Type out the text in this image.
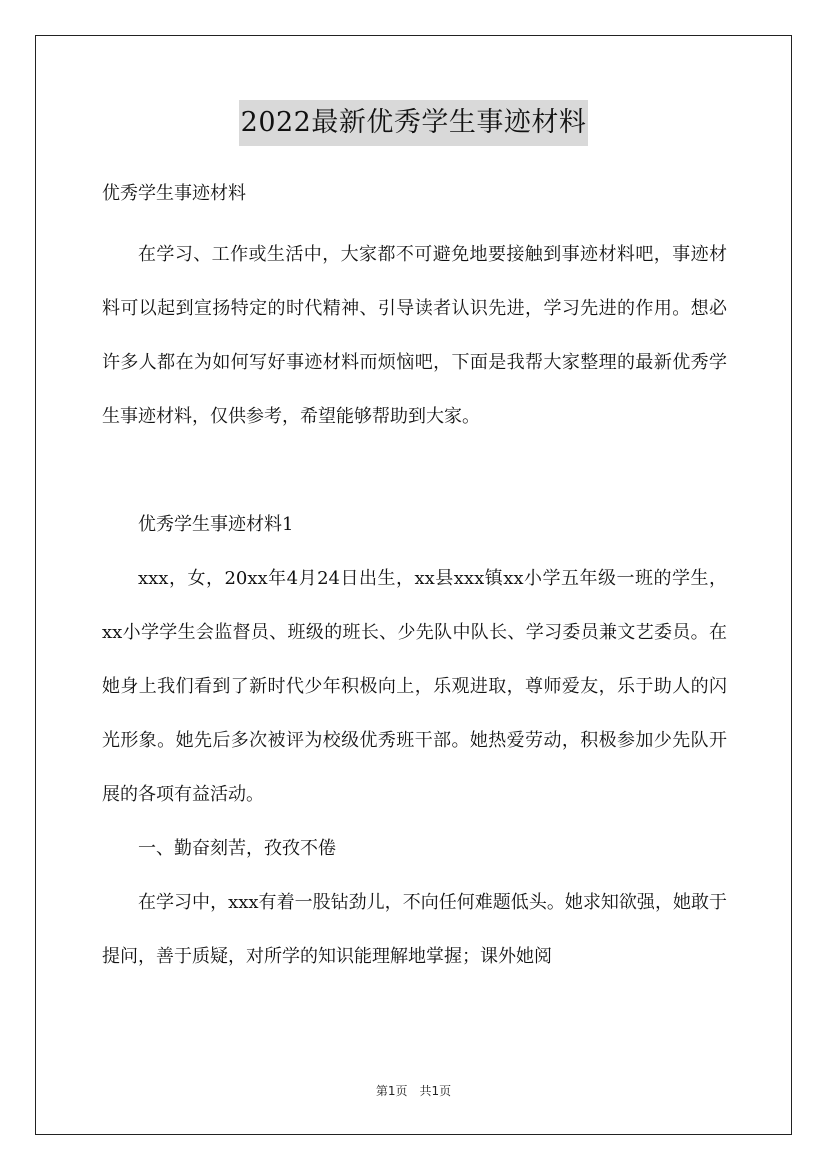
2022最新优秀学生事迹材料
优秀学生事迹材料

在学习、工作或生活中，大家都不可避免地要接触到事迹材料吧，事迹材料可以起到宣扬特定的时代精神、引导读者认识先进，学习先进的作用。想必许多人都在为如何写好事迹材料而烦恼吧，下面是我帮大家整理的最新优秀学生事迹材料，仅供参考，希望能够帮助到大家。

优秀学生事迹材料1

xxx，女，20xx年4月24日出生，xx县xxx镇xx小学五年级一班的学生，xx小学学生会监督员、班级的班长、少先队中队长、学习委员兼文艺委员。在她身上我们看到了新时代少年积极向上，乐观进取，尊师爱友，乐于助人的闪光形象。她先后多次被评为校级优秀班干部。她热爱劳动，积极参加少先队开展的各项有益活动。

一、勤奋刻苦，孜孜不倦

在学习中，xxx有着一股钻劲儿，不向任何难题低头。她求知欲强，她敢于提问，善于质疑，对所学的知识能理解地掌握；课外她阅

第1页　共1页
